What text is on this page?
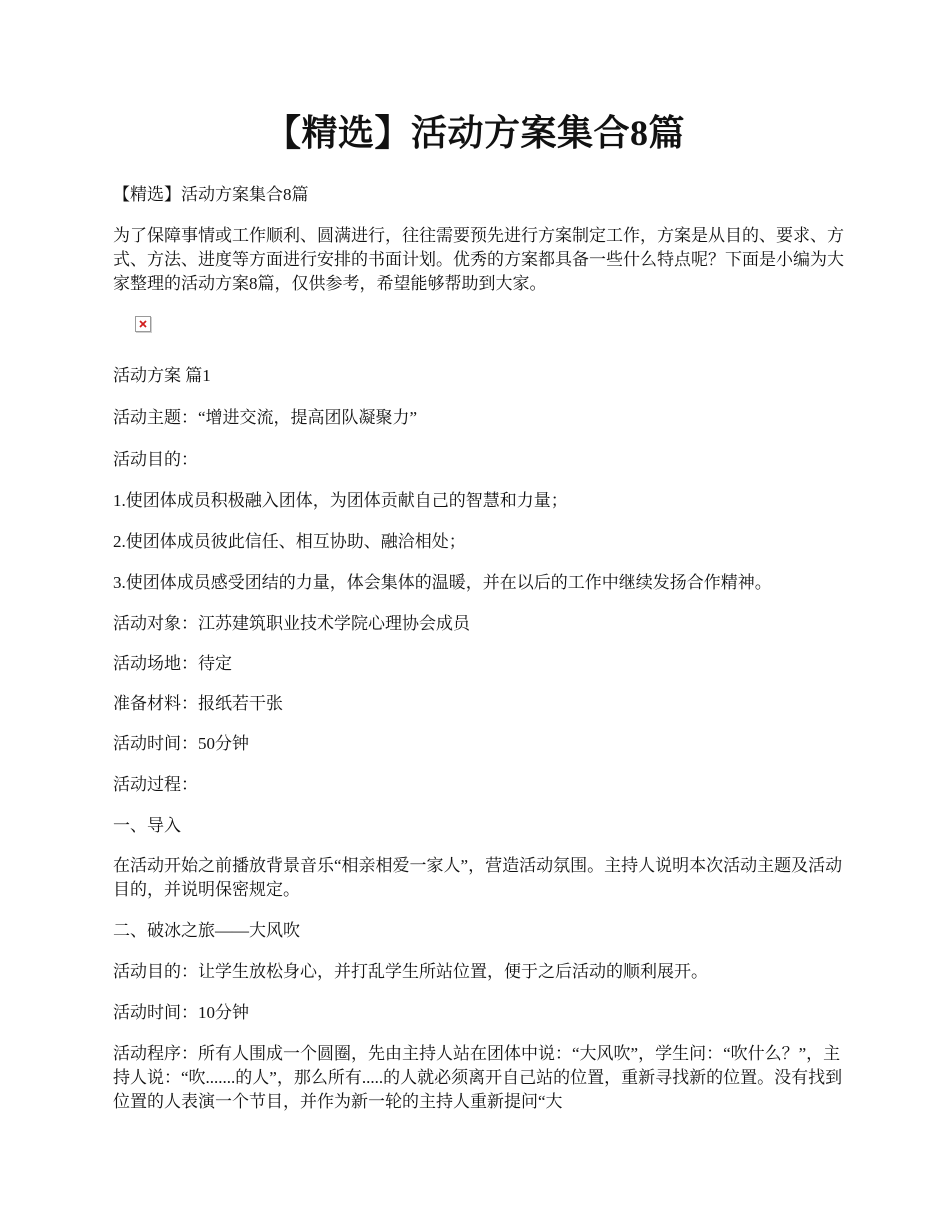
【精选】活动方案集合8篇

【精选】活动方案集合8篇

为了保障事情或工作顺利、圆满进行，往往需要预先进行方案制定工作，方案是从目的、要求、方式、方法、进度等方面进行安排的书面计划。优秀的方案都具备一些什么特点呢？下面是小编为大家整理的活动方案8篇，仅供参考，希望能够帮助到大家。

活动方案 篇1

活动主题：“增进交流，提高团队凝聚力”

活动目的：

1.使团体成员积极融入团体，为团体贡献自己的智慧和力量；

2.使团体成员彼此信任、相互协助、融洽相处；

3.使团体成员感受团结的力量，体会集体的温暖，并在以后的工作中继续发扬合作精神。

活动对象：江苏建筑职业技术学院心理协会成员

活动场地：待定

准备材料：报纸若干张

活动时间：50分钟

活动过程：

一、导入

在活动开始之前播放背景音乐“相亲相爱一家人”，营造活动氛围。主持人说明本次活动主题及活动目的，并说明保密规定。

二、破冰之旅——大风吹

活动目的：让学生放松身心，并打乱学生所站位置，便于之后活动的顺利展开。

活动时间：10分钟

活动程序：所有人围成一个圆圈，先由主持人站在团体中说：“大风吹”，学生问：“吹什么？”，主持人说：“吹.......的人”，那么所有.....的人就必须离开自己站的位置，重新寻找新的位置。没有找到位置的人表演一个节目，并作为新一轮的主持人重新提问“大
